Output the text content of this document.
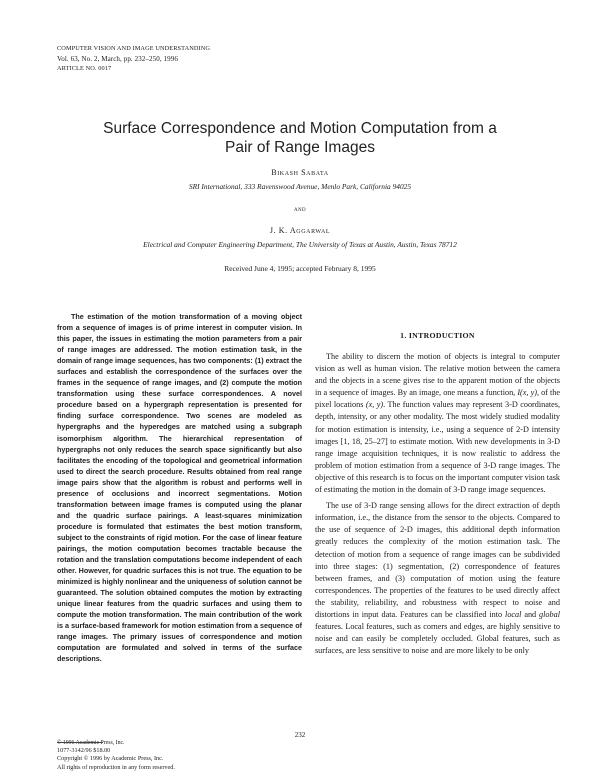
COMPUTER VISION AND IMAGE UNDERSTANDING
Vol. 63, No. 2, March, pp. 232–250, 1996
ARTICLE NO. 0017
Surface Correspondence and Motion Computation from a
Pair of Range Images
Bikash Sabata
SRI International, 333 Ravenswood Avenue, Menlo Park, California 94025
and
J. K. Aggarwal
Electrical and Computer Engineering Department, The University of Texas at Austin, Austin, Texas 78712
Received June 4, 1995; accepted February 8, 1995

The estimation of the motion transformation of a moving object from a sequence of images is of prime interest in computer vision. In this paper, the issues in estimating the motion parameters from a pair of range images are addressed. The motion estimation task, in the domain of range image sequences, has two components: (1) extract the surfaces and establish the correspondence of the surfaces over the frames in the sequence of range images, and (2) compute the motion transformation using these surface correspondences. A novel procedure based on a hypergraph representation is presented for finding surface correspondence. Two scenes are modeled as hypergraphs and the hyperedges are matched using a subgraph isomorphism algorithm. The hierarchical representation of hypergraphs not only reduces the search space significantly but also facilitates the encoding of the topological and geometrical information used to direct the search procedure. Results obtained from real range image pairs show that the algorithm is robust and performs well in presence of occlusions and incorrect segmentations. Motion transformation between image frames is computed using the planar and the quadric surface pairings. A least-squares minimization procedure is formulated that estimates the best motion transform, subject to the constraints of rigid motion. For the case of linear feature pairings, the motion computation becomes tractable because the rotation and the translation computations become independent of each other. However, for quadric surfaces this is not true. The equation to be minimized is highly nonlinear and the uniqueness of solution cannot be guaranteed. The solution obtained computes the motion by extracting unique linear features from the quadric surfaces and using them to compute the motion transformation. The main contribution of the work is a surface-based framework for motion estimation from a sequence of range images. The primary issues of correspondence and motion computation are formulated and solved in terms of the surface descriptions.

© 1996 Academic Press, Inc.
1. INTRODUCTION

The ability to discern the motion of objects is integral to computer vision as well as human vision. The relative motion between the camera and the objects in a scene gives rise to the apparent motion of the objects in a sequence of images. By an image, one means a function, I(x, y), of the pixel locations (x, y). The function values may represent 3-D coordinates, depth, intensity, or any other modality. The most widely studied modality for motion estimation is intensity, i.e., using a sequence of 2-D intensity images [1, 18, 25–27] to estimate motion. With new developments in 3-D range image acquisition techniques, it is now realistic to address the problem of motion estimation from a sequence of 3-D range images. The objective of this research is to focus on the important computer vision task of estimating the motion in the domain of 3-D range image sequences.

The use of 3-D range sensing allows for the direct extraction of depth information, i.e., the distance from the sensor to the objects. Compared to the use of sequence of 2-D images, this additional depth information greatly reduces the complexity of the motion estimation task. The detection of motion from a sequence of range images can be subdivided into three stages: (1) segmentation, (2) correspondence of features between frames, and (3) computation of motion using the feature correspondences. The properties of the features to be used directly affect the stability, reliability, and robustness with respect to noise and distortions in input data. Features can be classified into local and global features. Local features, such as corners and edges, are highly sensitive to noise and can easily be completely occluded. Global features, such as surfaces, are less sensitive to noise and are more likely to be only

232
1077-3142/96 $18.00
Copyright © 1996 by Academic Press, Inc.
All rights of reproduction in any form reserved.
